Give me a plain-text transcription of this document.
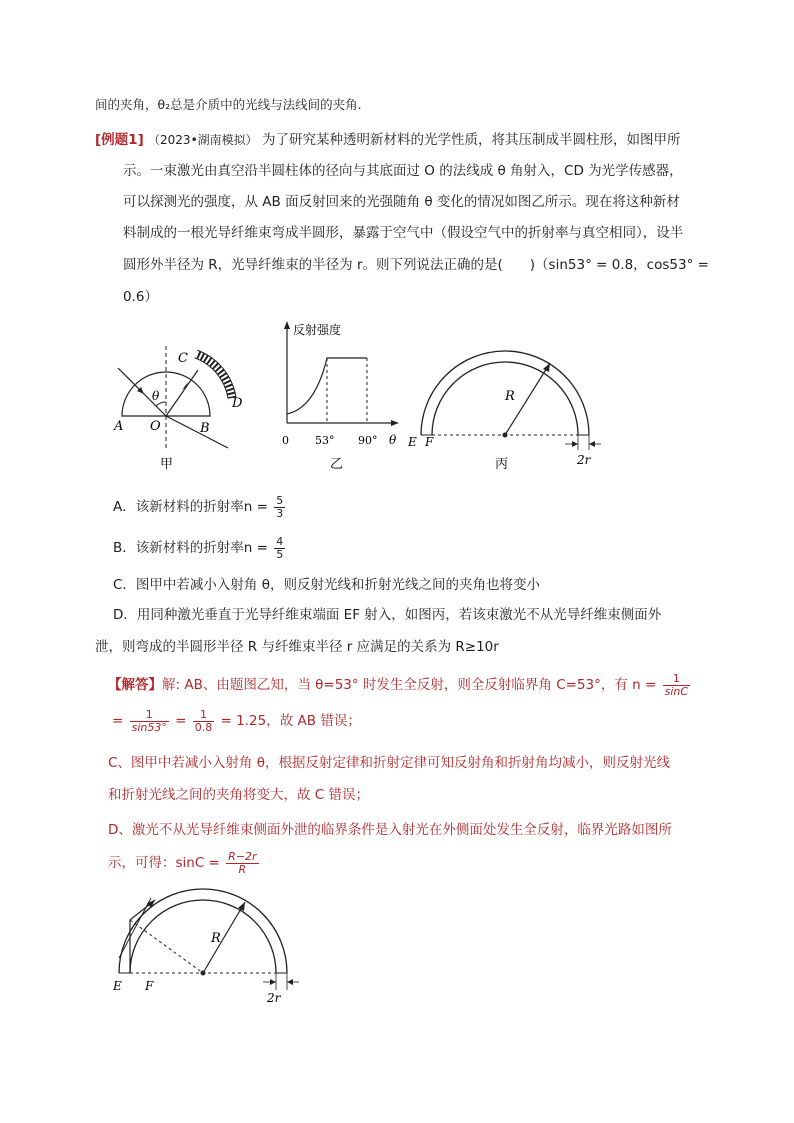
间的夹角，θ₂总是介质中的光线与法线间的夹角.
[例题1] （2023•湖南模拟） 为了研究某种透明新材料的光学性质，将其压制成半圆柱形，如图甲所
示。一束激光由真空沿半圆柱体的径向与其底面过 O 的法线成 θ 角射入，CD 为光学传感器，
可以探测光的强度，从 AB 面反射回来的光强随角 θ 变化的情况如图乙所示。现在将这种新材
料制成的一根光导纤维束弯成半圆形，暴露于空气中（假设空气中的折射率与真空相同），设半
圆形外半径为 R，光导纤维束的半径为 r。则下列说法正确的是(　　)（sin53° = 0.8，cos53° =
0.6）
θ
C
D
A O	B
甲
反射强度
0 53° 90° θ
乙
R
E F
2r
丙
A．该新材料的折射率$n = \frac{5}{3}$
B．该新材料的折射率$n = \frac{4}{5}$
C．图甲中若减小入射角 θ，则反射光线和折射光线之间的夹角也将变小
D．用同种激光垂直于光导纤维束端面 EF 射入，如图丙，若该束激光不从光导纤维束侧面外
泄，则弯成的半圆形半径 R 与纤维束半径 r 应满足的关系为 R≥10r
【解答】解: AB、由题图乙知，当 θ=53° 时发生全反射，则全反射临界角 C=53°，有 $n = \frac{1}{\sin C}$
= $\frac{1}{\sin 53^\circ} = \frac{1}{0.8} = 1.25$，故 AB 错误；
C、图甲中若减小入射角 θ，根据反射定律和折射定律可知反射角和折射角均减小，则反射光线
和折射光线之间的夹角将变大，故 C 错误；
D、激光不从光导纤维束侧面外泄的临界条件是入射光在外侧面处发生全反射，临界光路如图所
示，可得：$\sin C = \frac{R-2r}{R}$
R
E F
2r
